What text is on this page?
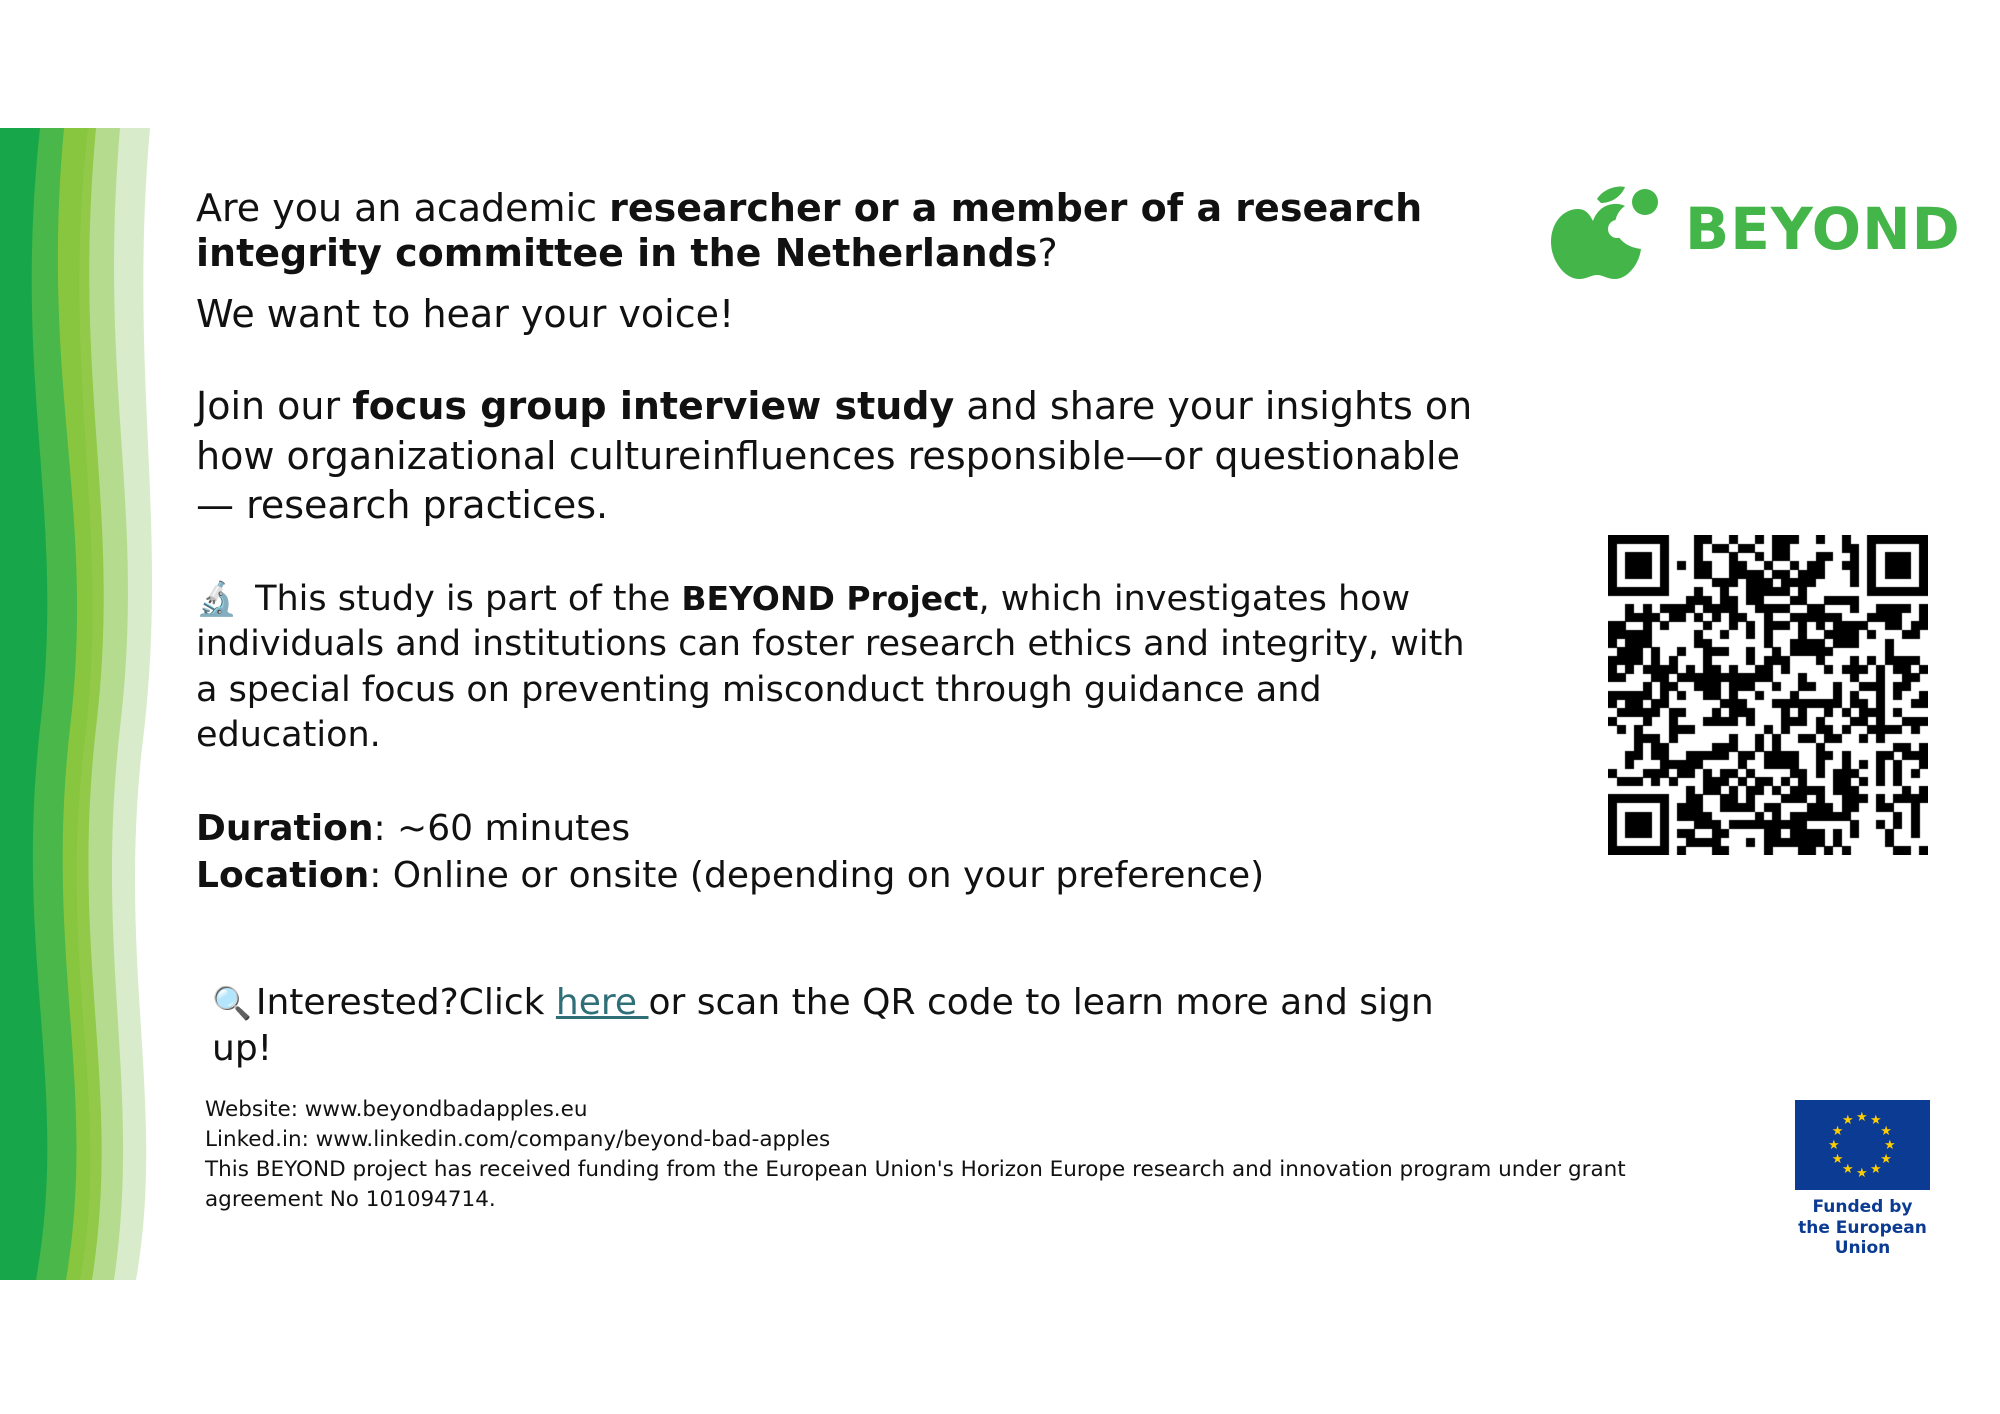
Are you an academic researcher or a member of a research integrity committee in the Netherlands?

We want to hear your voice!

Join our focus group interview study and share your insights on how organizational cultureinfluences responsible—or questionable— research practices.

🔬 This study is part of the BEYOND Project, which investigates how individuals and institutions can foster research ethics and integrity, with a special focus on preventing misconduct through guidance and education.

Duration: ~60 minutes

Location: Online or onsite (depending on your preference)

🔍 Interested?Click here or scan the QR code to learn more and sign up!

Website: www.beyondbadapples.eu
Linked.in: www.linkedin.com/company/beyond-bad-apples
This BEYOND project has received funding from the European Union's Horizon Europe research and innovation program under grant agreement No 101094714.
BEYOND
★ ★
★
★
★
★
★
★
★
★
★
★
Funded by
the European Union
